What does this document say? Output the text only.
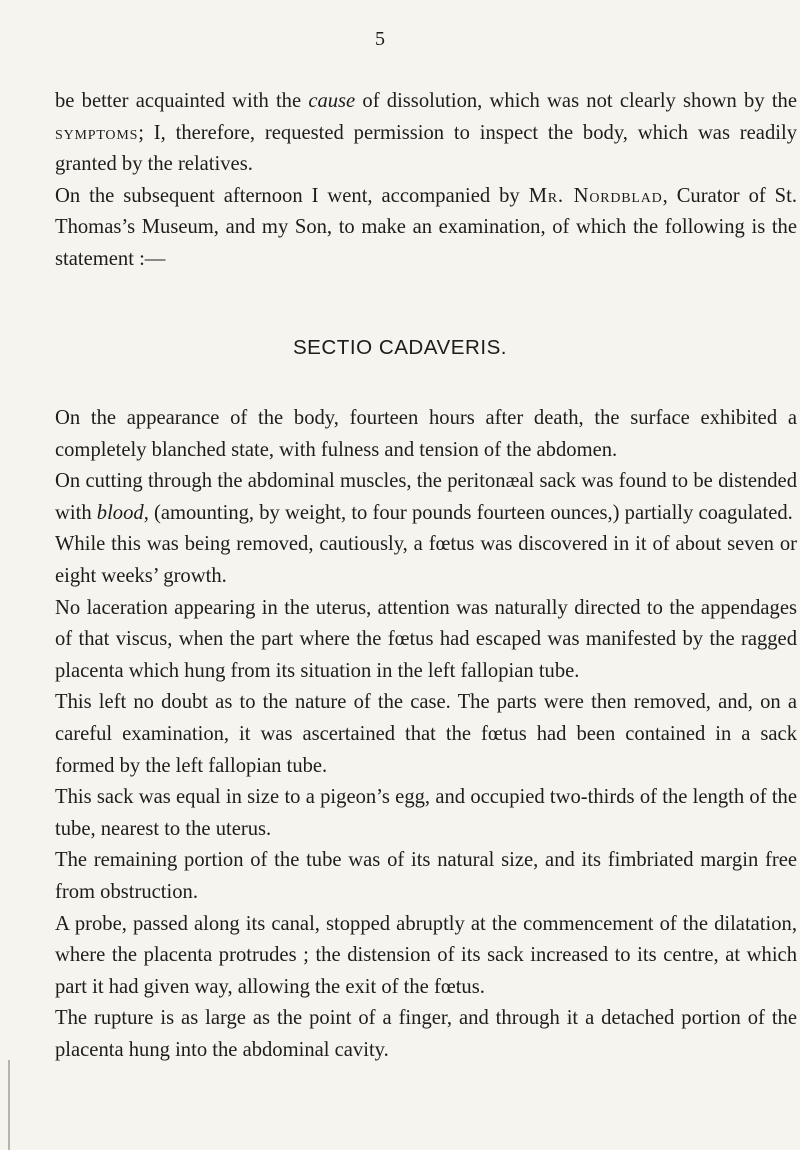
5

be better acquainted with the cause of dissolution, which was not clearly shown by the symptoms; I, therefore, requested permission to inspect the body, which was readily granted by the relatives.

On the subsequent afternoon I went, accompanied by Mr. Nordblad, Curator of St. Thomas’s Museum, and my Son, to make an examination, of which the following is the statement :—

SECTIO CADAVERIS.

On the appearance of the body, fourteen hours after death, the surface exhibited a completely blanched state, with fulness and tension of the abdomen.

On cutting through the abdominal muscles, the peritonæal sack was found to be distended with blood, (amounting, by weight, to four pounds fourteen ounces,) partially coagulated.

While this was being removed, cautiously, a fœtus was discovered in it of about seven or eight weeks’ growth.

No laceration appearing in the uterus, attention was naturally directed to the appendages of that viscus, when the part where the fœtus had escaped was manifested by the ragged placenta which hung from its situation in the left fallopian tube.

This left no doubt as to the nature of the case. The parts were then removed, and, on a careful examination, it was ascertained that the fœtus had been contained in a sack formed by the left fallopian tube.

This sack was equal in size to a pigeon’s egg, and occupied two-thirds of the length of the tube, nearest to the uterus.

The remaining portion of the tube was of its natural size, and its fimbriated margin free from obstruction.

A probe, passed along its canal, stopped abruptly at the commencement of the dilatation, where the placenta protrudes ; the distension of its sack increased to its centre, at which part it had given way, allowing the exit of the fœtus.

The rupture is as large as the point of a finger, and through it a detached portion of the placenta hung into the abdominal cavity.
